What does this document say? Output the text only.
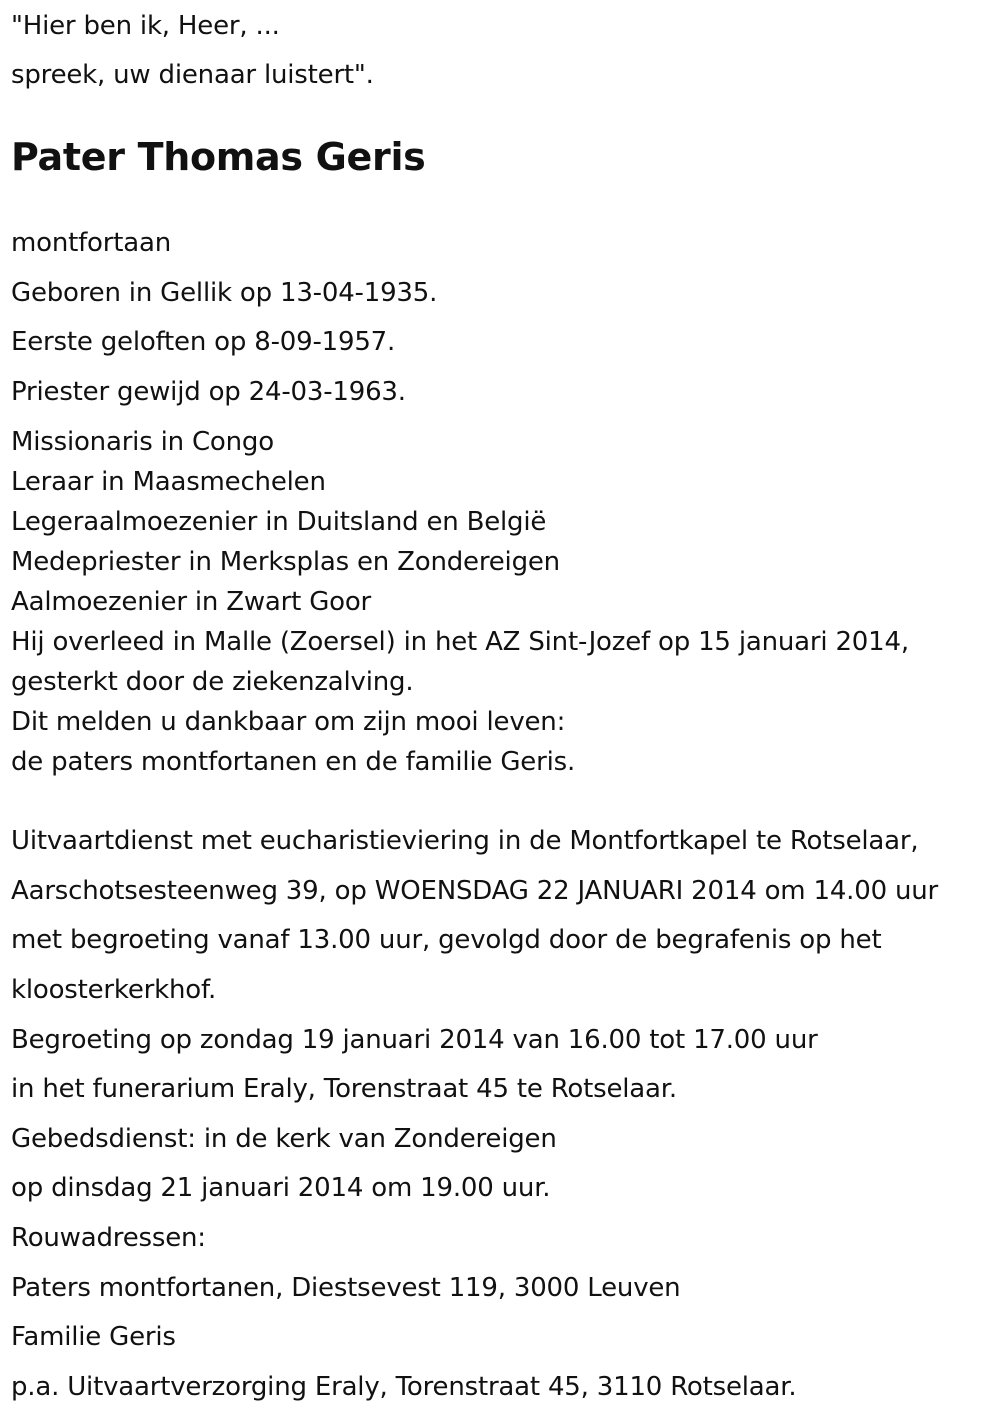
"Hier ben ik, Heer, ...
spreek, uw dienaar luistert".
Pater Thomas Geris
montfortaan
Geboren in Gellik op 13-04-1935.
Eerste geloften op 8-09-1957.
Priester gewijd op 24-03-1963.
Missionaris in Congo
Leraar in Maasmechelen
Legeraalmoezenier in Duitsland en België
Medepriester in Merksplas en Zondereigen
Aalmoezenier in Zwart Goor
Hij overleed in Malle (Zoersel) in het AZ Sint-Jozef op 15 januari 2014,
gesterkt door de ziekenzalving.
Dit melden u dankbaar om zijn mooi leven:
de paters montfortanen en de familie Geris.
Uitvaartdienst met eucharistieviering in de Montfortkapel te Rotselaar,
Aarschotsesteenweg 39, op WOENSDAG 22 JANUARI 2014 om 14.00 uur
met begroeting vanaf 13.00 uur, gevolgd door de begrafenis op het
kloosterkerkhof.
Begroeting op zondag 19 januari 2014 van 16.00 tot 17.00 uur
in het funerarium Eraly, Torenstraat 45 te Rotselaar.
Gebedsdienst: in de kerk van Zondereigen
op dinsdag 21 januari 2014 om 19.00 uur.
Rouwadressen:
Paters montfortanen, Diestsevest 119, 3000 Leuven
Familie Geris
p.a. Uitvaartverzorging Eraly, Torenstraat 45, 3110 Rotselaar.
